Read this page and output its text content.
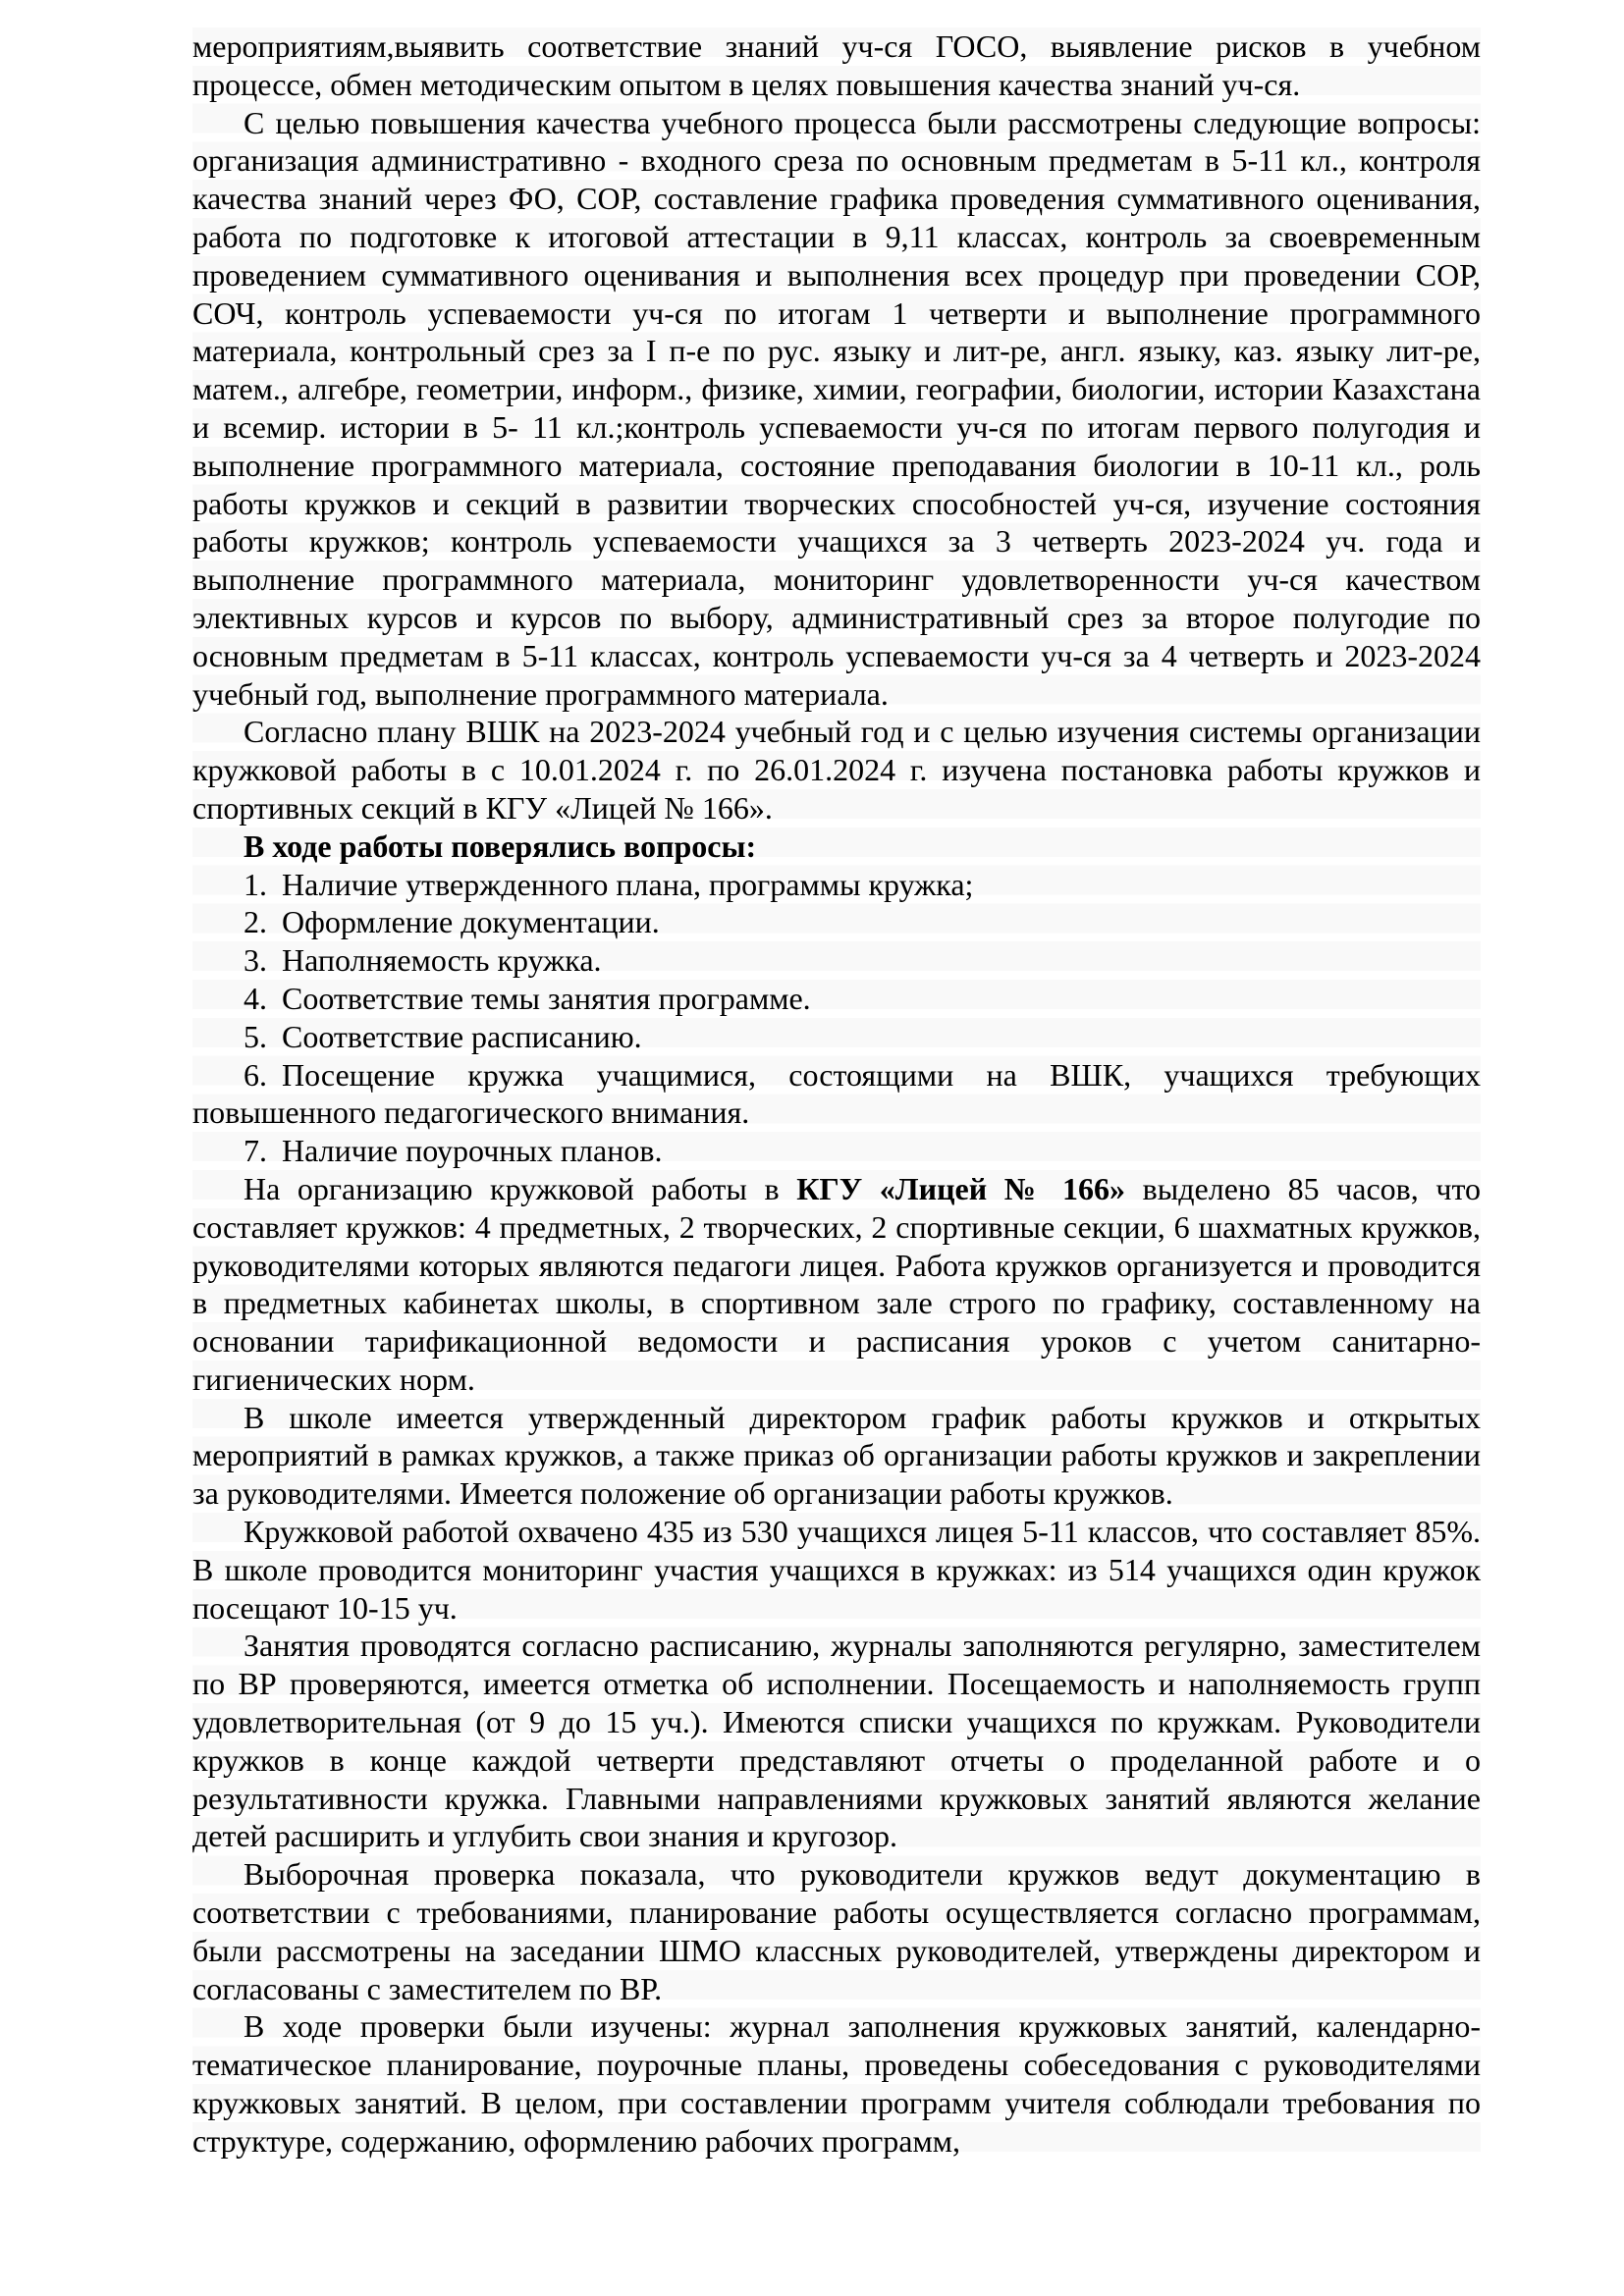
мероприятиям,выявить соответствие знаний уч-ся ГОСО, выявление рисков в учебном процессе, обмен методическим опытом в целях повышения качества знаний уч-ся.

С целью повышения качества учебного процесса были рассмотрены следующие вопросы: организация административно - входного среза по основным предметам в 5-11 кл., контроля качества знаний через ФО, СОР, составление графика проведения суммативного оценивания, работа по подготовке к итоговой аттестации в 9,11 классах, контроль за своевременным проведением суммативного оценивания и выполнения всех процедур при проведении СОР, СОЧ, контроль успеваемости уч-ся по итогам 1 четверти и выполнение программного материала, контрольный срез за I п-е по рус. языку и лит-ре, англ. языку, каз. языку лит-ре, матем., алгебре, геометрии, информ., физике, химии, географии, биологии, истории Казахстана и всемир. истории в 5- 11 кл.;контроль успеваемости уч-ся по итогам первого полугодия и выполнение программного материала, состояние преподавания биологии в 10-11 кл., роль работы кружков и секций в развитии творческих способностей уч-ся, изучение состояния работы кружков; контроль успеваемости учащихся за 3 четверть 2023-2024 уч. года и выполнение программного материала, мониторинг удовлетворенности уч-ся качеством элективных курсов и курсов по выбору, административный срез за второе полугодие по основным предметам в 5-11 классах, контроль успеваемости уч-ся за 4 четверть и 2023-2024 учебный год, выполнение программного материала.

Согласно плану ВШК на 2023-2024 учебный год и с целью изучения системы организации кружковой работы в с 10.01.2024 г. по 26.01.2024 г. изучена постановка работы кружков и спортивных секций в КГУ «Лицей № 166».

В ходе работы поверялись вопросы:

1. Наличие утвержденного плана, программы кружка;

2. Оформление документации.

3. Наполняемость кружка.

4. Соответствие темы занятия программе.

5. Соответствие расписанию.

6. Посещение кружка учащимися, состоящими на ВШК, учащихся требующих повышенного педагогического внимания.

7. Наличие поурочных планов.

На организацию кружковой работы в КГУ «Лицей № 166» выделено 85 часов, что составляет кружков: 4 предметных, 2 творческих, 2 спортивные секции, 6 шахматных кружков, руководителями которых являются педагоги лицея. Работа кружков организуется и проводится в предметных кабинетах школы, в спортивном зале строго по графику, составленному на основании тарификационной ведомости и расписания уроков с учетом санитарно-гигиенических норм.

В школе имеется утвержденный директором график работы кружков и открытых мероприятий в рамках кружков, а также приказ об организации работы кружков и закреплении за руководителями. Имеется положение об организации работы кружков.

Кружковой работой охвачено 435 из 530 учащихся лицея 5-11 классов, что составляет 85%. В школе проводится мониторинг участия учащихся в кружках: из 514 учащихся один кружок посещают 10-15 уч.

Занятия проводятся согласно расписанию, журналы заполняются регулярно, заместителем по ВР проверяются, имеется отметка об исполнении. Посещаемость и наполняемость групп удовлетворительная (от 9 до 15 уч.). Имеются списки учащихся по кружкам. Руководители кружков в конце каждой четверти представляют отчеты о проделанной работе и о результативности кружка. Главными направлениями кружковых занятий являются желание детей расширить и углубить свои знания и кругозор.

Выборочная проверка показала, что руководители кружков ведут документацию в соответствии с требованиями, планирование работы осуществляется согласно программам, были рассмотрены на заседании ШМО классных руководителей, утверждены директором и согласованы с заместителем по ВР.

В ходе проверки были изучены: журнал заполнения кружковых занятий, календарно-тематическое планирование, поурочные планы, проведены собеседования с руководителями кружковых занятий. В целом, при составлении программ учителя соблюдали требования по структуре, содержанию, оформлению рабочих программ,
